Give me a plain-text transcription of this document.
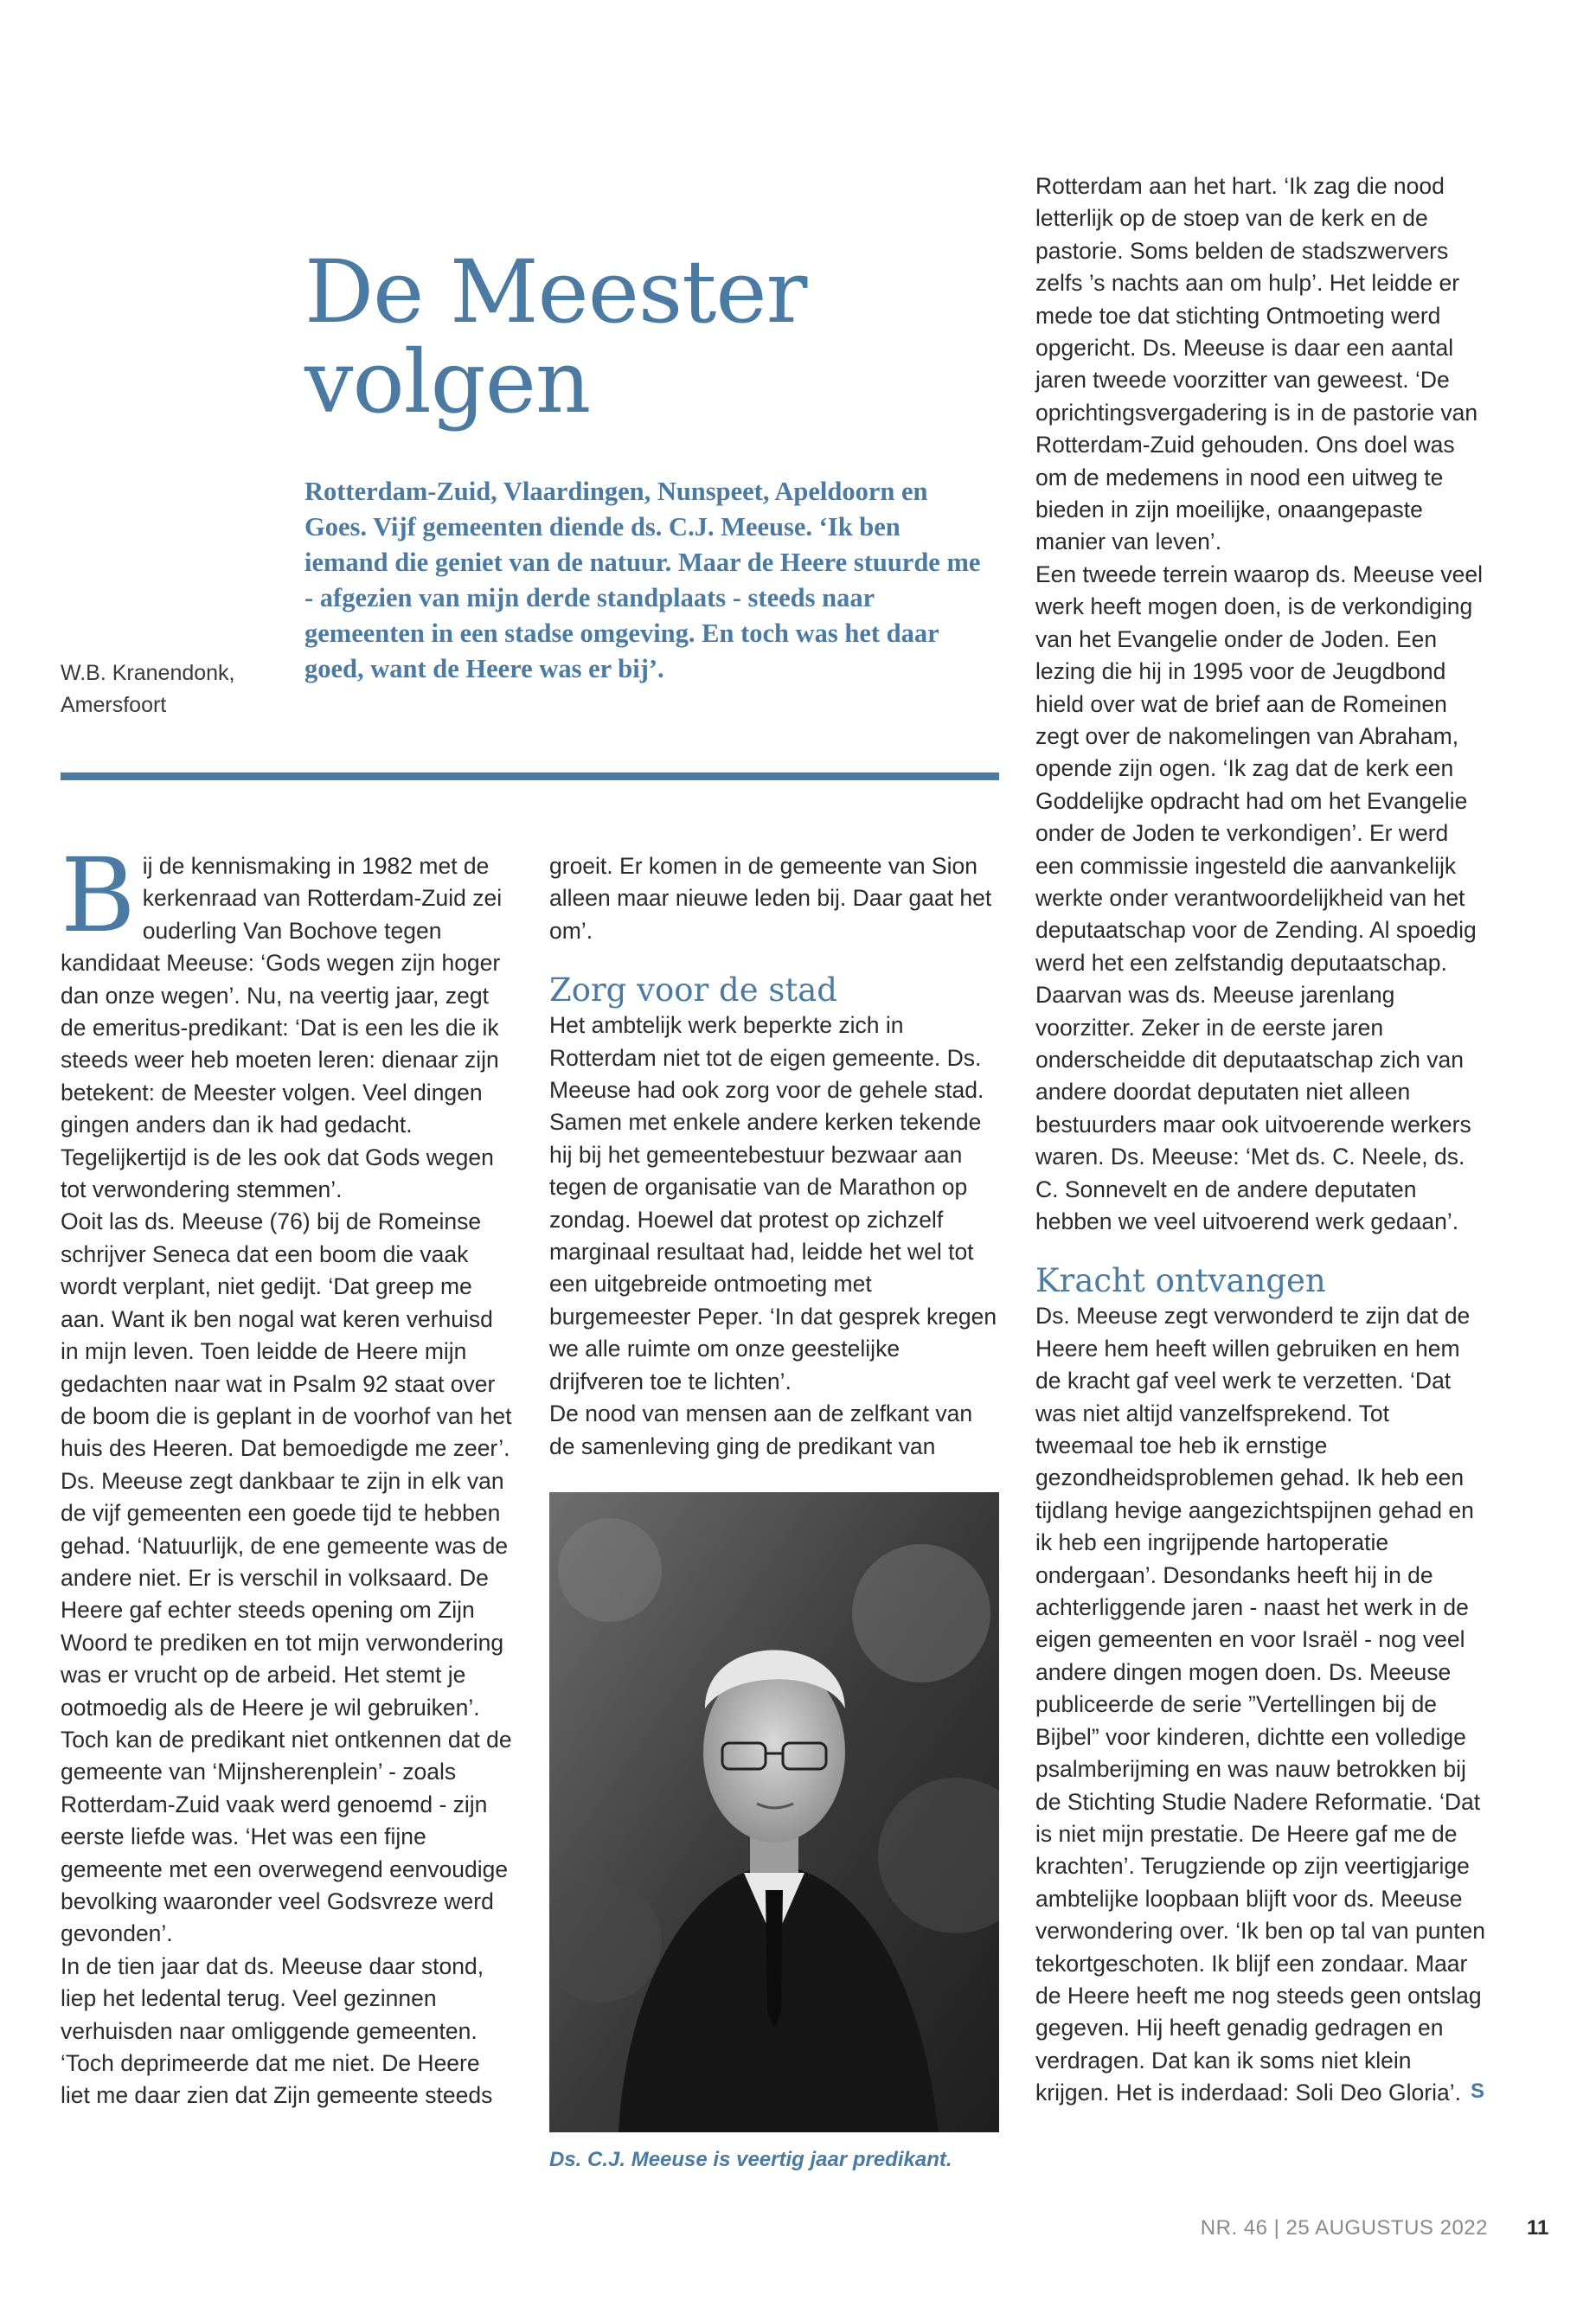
De Meester
volgen

Rotterdam-Zuid, Vlaardingen, Nunspeet, Apeldoorn en Goes. Vijf gemeenten diende ds. C.J. Meeuse. ‘Ik ben iemand die geniet van de natuur. Maar de Heere stuurde me - afgezien van mijn derde standplaats - steeds naar gemeenten in een stadse omgeving. En toch was het daar goed, want de Heere was er bij’.

W.B. Kranendonk,
Amersfoort

Bij de kennismaking in 1982 met de kerkenraad van Rotterdam-Zuid zei ouderling Van Bochove tegen kandidaat Meeuse: ‘Gods wegen zijn hoger dan onze wegen’. Nu, na veertig jaar, zegt de emeritus-predikant: ‘Dat is een les die ik steeds weer heb moeten leren: dienaar zijn betekent: de Meester volgen. Veel dingen gingen anders dan ik had gedacht. Tegelijkertijd is de les ook dat Gods wegen tot verwondering stemmen’.

Ooit las ds. Meeuse (76) bij de Romeinse schrijver Seneca dat een boom die vaak wordt verplant, niet gedijt. ‘Dat greep me aan. Want ik ben nogal wat keren verhuisd in mijn leven. Toen leidde de Heere mijn gedachten naar wat in Psalm 92 staat over de boom die is geplant in de voorhof van het huis des Heeren. Dat bemoedigde me zeer’.

Ds. Meeuse zegt dankbaar te zijn in elk van de vijf gemeenten een goede tijd te hebben gehad. ‘Natuurlijk, de ene gemeente was de andere niet. Er is verschil in volksaard. De Heere gaf echter steeds opening om Zijn Woord te prediken en tot mijn verwondering was er vrucht op de arbeid. Het stemt je ootmoedig als de Heere je wil gebruiken’.

Toch kan de predikant niet ontkennen dat de gemeente van ‘Mijnsherenplein’ - zoals Rotterdam-Zuid vaak werd genoemd - zijn eerste liefde was. ‘Het was een fijne gemeente met een overwegend eenvoudige bevolking waaronder veel Godsvreze werd gevonden’.

In de tien jaar dat ds. Meeuse daar stond, liep het ledental terug. Veel gezinnen verhuisden naar omliggende gemeenten. ‘Toch deprimeerde dat me niet. De Heere liet me daar zien dat Zijn gemeente steeds

groeit. Er komen in de gemeente van Sion alleen maar nieuwe leden bij. Daar gaat het om’.

Zorg voor de stad

Het ambtelijk werk beperkte zich in Rotterdam niet tot de eigen gemeente. Ds. Meeuse had ook zorg voor de gehele stad. Samen met enkele andere kerken tekende hij bij het gemeentebestuur bezwaar aan tegen de organisatie van de Marathon op zondag. Hoewel dat protest op zichzelf marginaal resultaat had, leidde het wel tot een uitgebreide ontmoeting met burgemeester Peper. ‘In dat gesprek kregen we alle ruimte om onze geestelijke drijfveren toe te lichten’.

De nood van mensen aan de zelfkant van de samenleving ging de predikant van

Ds. C.J. Meeuse is veertig jaar predikant.

Rotterdam aan het hart. ‘Ik zag die nood letterlijk op de stoep van de kerk en de pastorie. Soms belden de stadszwervers zelfs ’s nachts aan om hulp’. Het leidde er mede toe dat stichting Ontmoeting werd opgericht. Ds. Meeuse is daar een aantal jaren tweede voorzitter van geweest. ‘De oprichtingsvergadering is in de pastorie van Rotterdam-Zuid gehouden. Ons doel was om de medemens in nood een uitweg te bieden in zijn moeilijke, onaangepaste manier van leven’.

Een tweede terrein waarop ds. Meeuse veel werk heeft mogen doen, is de verkondiging van het Evangelie onder de Joden. Een lezing die hij in 1995 voor de Jeugdbond hield over wat de brief aan de Romeinen zegt over de nakomelingen van Abraham, opende zijn ogen. ‘Ik zag dat de kerk een Goddelijke opdracht had om het Evangelie onder de Joden te verkondigen’. Er werd een commissie ingesteld die aanvankelijk werkte onder verantwoordelijkheid van het deputaatschap voor de Zending. Al spoedig werd het een zelfstandig deputaatschap. Daarvan was ds. Meeuse jarenlang voorzitter. Zeker in de eerste jaren onderscheidde dit deputaatschap zich van andere doordat deputaten niet alleen bestuurders maar ook uitvoerende werkers waren. Ds. Meeuse: ‘Met ds. C. Neele, ds. C. Sonnevelt en de andere deputaten hebben we veel uitvoerend werk gedaan’.

Kracht ontvangen

Ds. Meeuse zegt verwonderd te zijn dat de Heere hem heeft willen gebruiken en hem de kracht gaf veel werk te verzetten. ‘Dat was niet altijd vanzelfsprekend. Tot tweemaal toe heb ik ernstige gezondheidsproblemen gehad. Ik heb een tijdlang hevige aangezichtspijnen gehad en ik heb een ingrijpende hartoperatie ondergaan’. Desondanks heeft hij in de achterliggende jaren - naast het werk in de eigen gemeenten en voor Israël - nog veel andere dingen mogen doen. Ds. Meeuse publiceerde de serie ”Vertellingen bij de Bijbel” voor kinderen, dichtte een volledige psalmberijming en was nauw betrokken bij de Stichting Studie Nadere Reformatie. ‘Dat is niet mijn prestatie. De Heere gaf me de krachten’. Terugziende op zijn veertigjarige ambtelijke loopbaan blijft voor ds. Meeuse verwondering over. ‘Ik ben op tal van punten tekortgeschoten. Ik blijf een zondaar. Maar de Heere heeft me nog steeds geen ontslag gegeven. Hij heeft genadig gedragen en verdragen. Dat kan ik soms niet klein krijgen. Het is inderdaad: Soli Deo Gloria’. S

NR. 46 | 25 AUGUSTUS 2022 11
